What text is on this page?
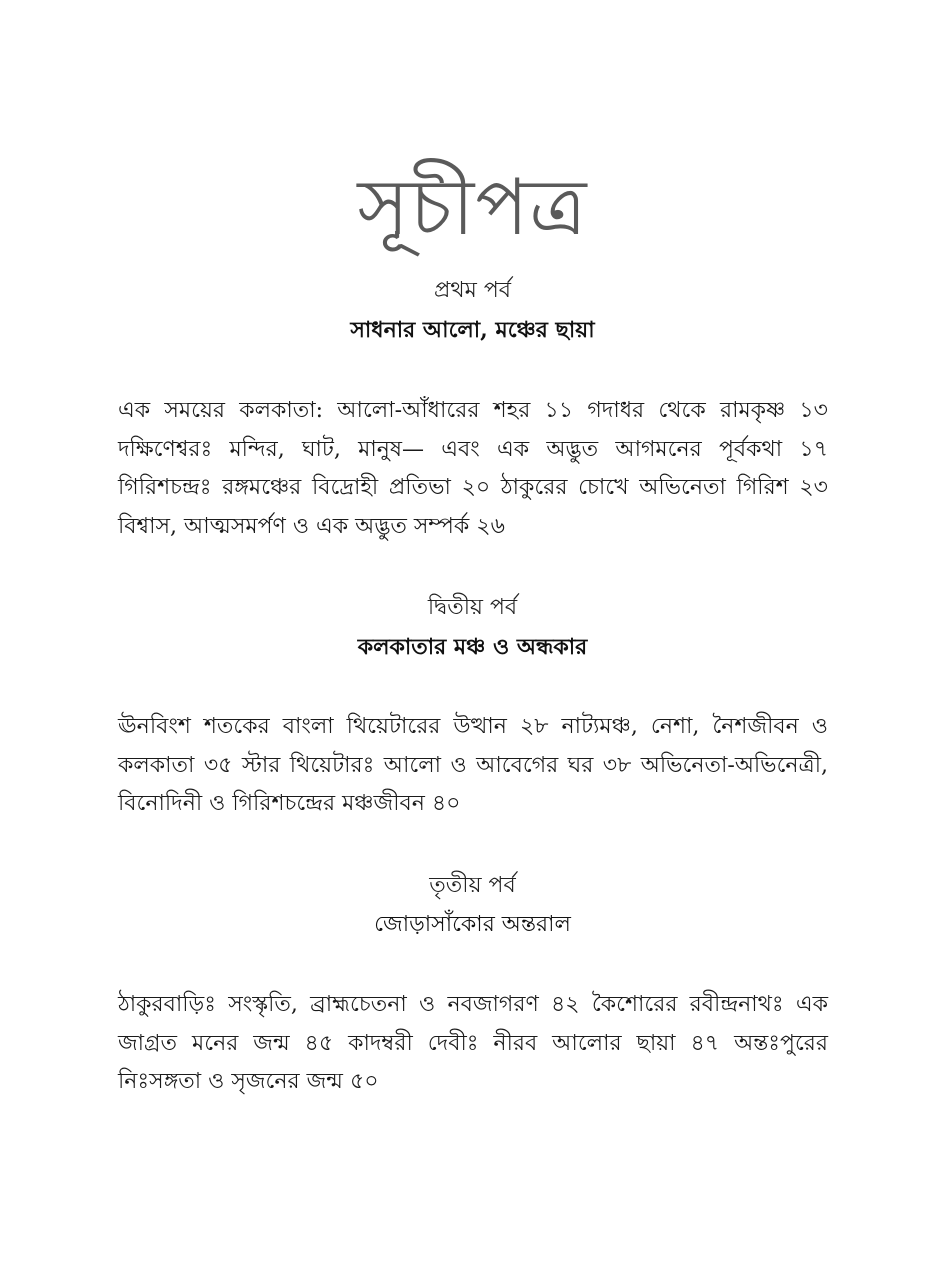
সূচীপত্র
প্রথম পর্ব
সাধনার আলো, মঞ্চের ছায়া
এক সময়ের কলকাতা: আলো-আঁধারের শহর ১১ গদাধর থেকে রামকৃষ্ণ ১৩ দক্ষিণেশ্বরঃ মন্দির, ঘাট, মানুষ— এবং এক অদ্ভুত আগমনের পূর্বকথা ১৭ গিরিশচন্দ্রঃ রঙ্গমঞ্চের বিদ্রোহী প্রতিভা ২০ ঠাকুরের চোখে অভিনেতা গিরিশ ২৩ বিশ্বাস, আত্মসমর্পণ ও এক অদ্ভুত সম্পর্ক ২৬
দ্বিতীয় পর্ব
কলকাতার মঞ্চ ও অন্ধকার
ঊনবিংশ শতকের বাংলা থিয়েটারের উত্থান ২৮ নাট্যমঞ্চ, নেশা, নৈশজীবন ও কলকাতা ৩৫ স্টার থিয়েটারঃ আলো ও আবেগের ঘর ৩৮ অভিনেতা-অভিনেত্রী, বিনোদিনী ও গিরিশচন্দ্রের মঞ্চজীবন ৪০
তৃতীয় পর্ব
জোড়াসাঁকোর অন্তরাল
ঠাকুরবাড়িঃ সংস্কৃতি, ব্রাহ্মচেতনা ও নবজাগরণ ৪২ কৈশোরের রবীন্দ্রনাথঃ এক জাগ্রত মনের জন্ম ৪৫ কাদম্বরী দেবীঃ নীরব আলোর ছায়া ৪৭ অন্তঃপুরের নিঃসঙ্গতা ও সৃজনের জন্ম ৫০
